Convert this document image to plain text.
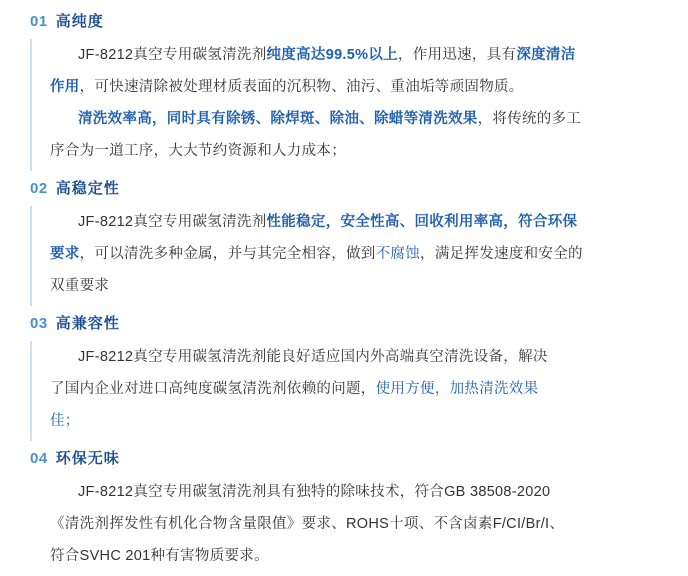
01 高纯度

JF-8212真空专用碳氢清洗剂纯度高达99.5%以上，作用迅速，具有深度清洁

作用，可快速清除被处理材质表面的沉积物、油污、重油垢等顽固物质。

清洗效率高，同时具有除锈、除焊斑、除油、除蜡等清洗效果，将传统的多工

序合为一道工序，大大节约资源和人力成本；

02 高稳定性

JF-8212真空专用碳氢清洗剂性能稳定，安全性高、回收利用率高，符合环保

要求，可以清洗多种金属，并与其完全相容，做到不腐蚀，满足挥发速度和安全的

双重要求

03 高兼容性

JF-8212真空专用碳氢清洗剂能良好适应国内外高端真空清洗设备，解决

了国内企业对进口高纯度碳氢清洗剂依赖的问题，使用方便，加热清洗效果

佳；

04 环保无味

JF-8212真空专用碳氢清洗剂具有独特的除味技术，符合GB 38508-2020

《清洗剂挥发性有机化合物含量限值》要求、ROHS十项、不含卤素F/CI/Br/I、

符合SVHC 201种有害物质要求。
